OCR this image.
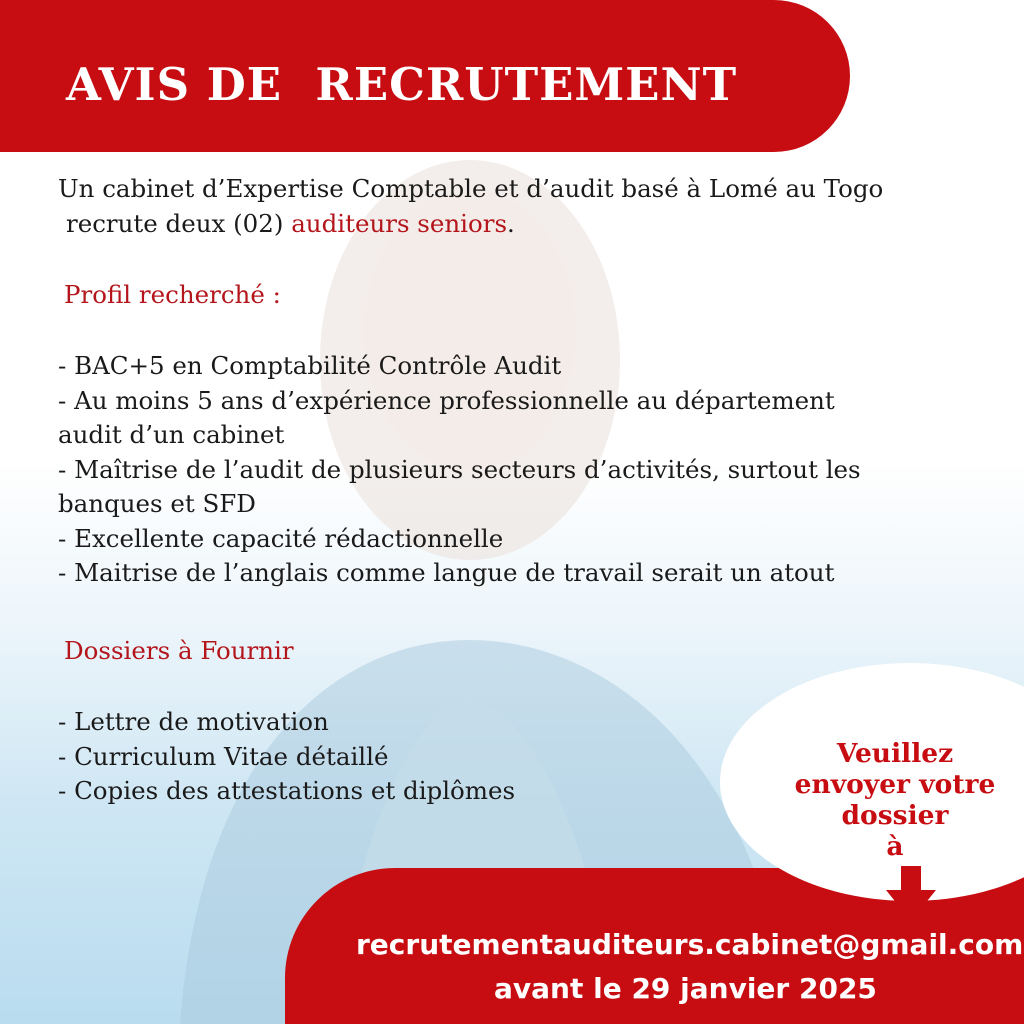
AVIS DE  RECRUTEMENT

Un cabinet d’Expertise Comptable et d’audit basé à Lomé au Togo

recrute deux (02) auditeurs seniors.

Profil recherché :

- BAC+5 en Comptabilité Contrôle Audit
- Au moins 5 ans d’expérience professionnelle au département
audit d’un cabinet
- Maîtrise de l’audit de plusieurs secteurs d’activités, surtout les
banques et SFD
- Excellente capacité rédactionnelle
- Maitrise de l’anglais comme langue de travail serait un atout

Dossiers à Fournir

- Lettre de motivation
- Curriculum Vitae détaillé
- Copies des attestations et diplômes

Veuillez
envoyer votre
dossier
à

recrutementauditeurs.cabinet@gmail.com

avant le 29 janvier 2025
